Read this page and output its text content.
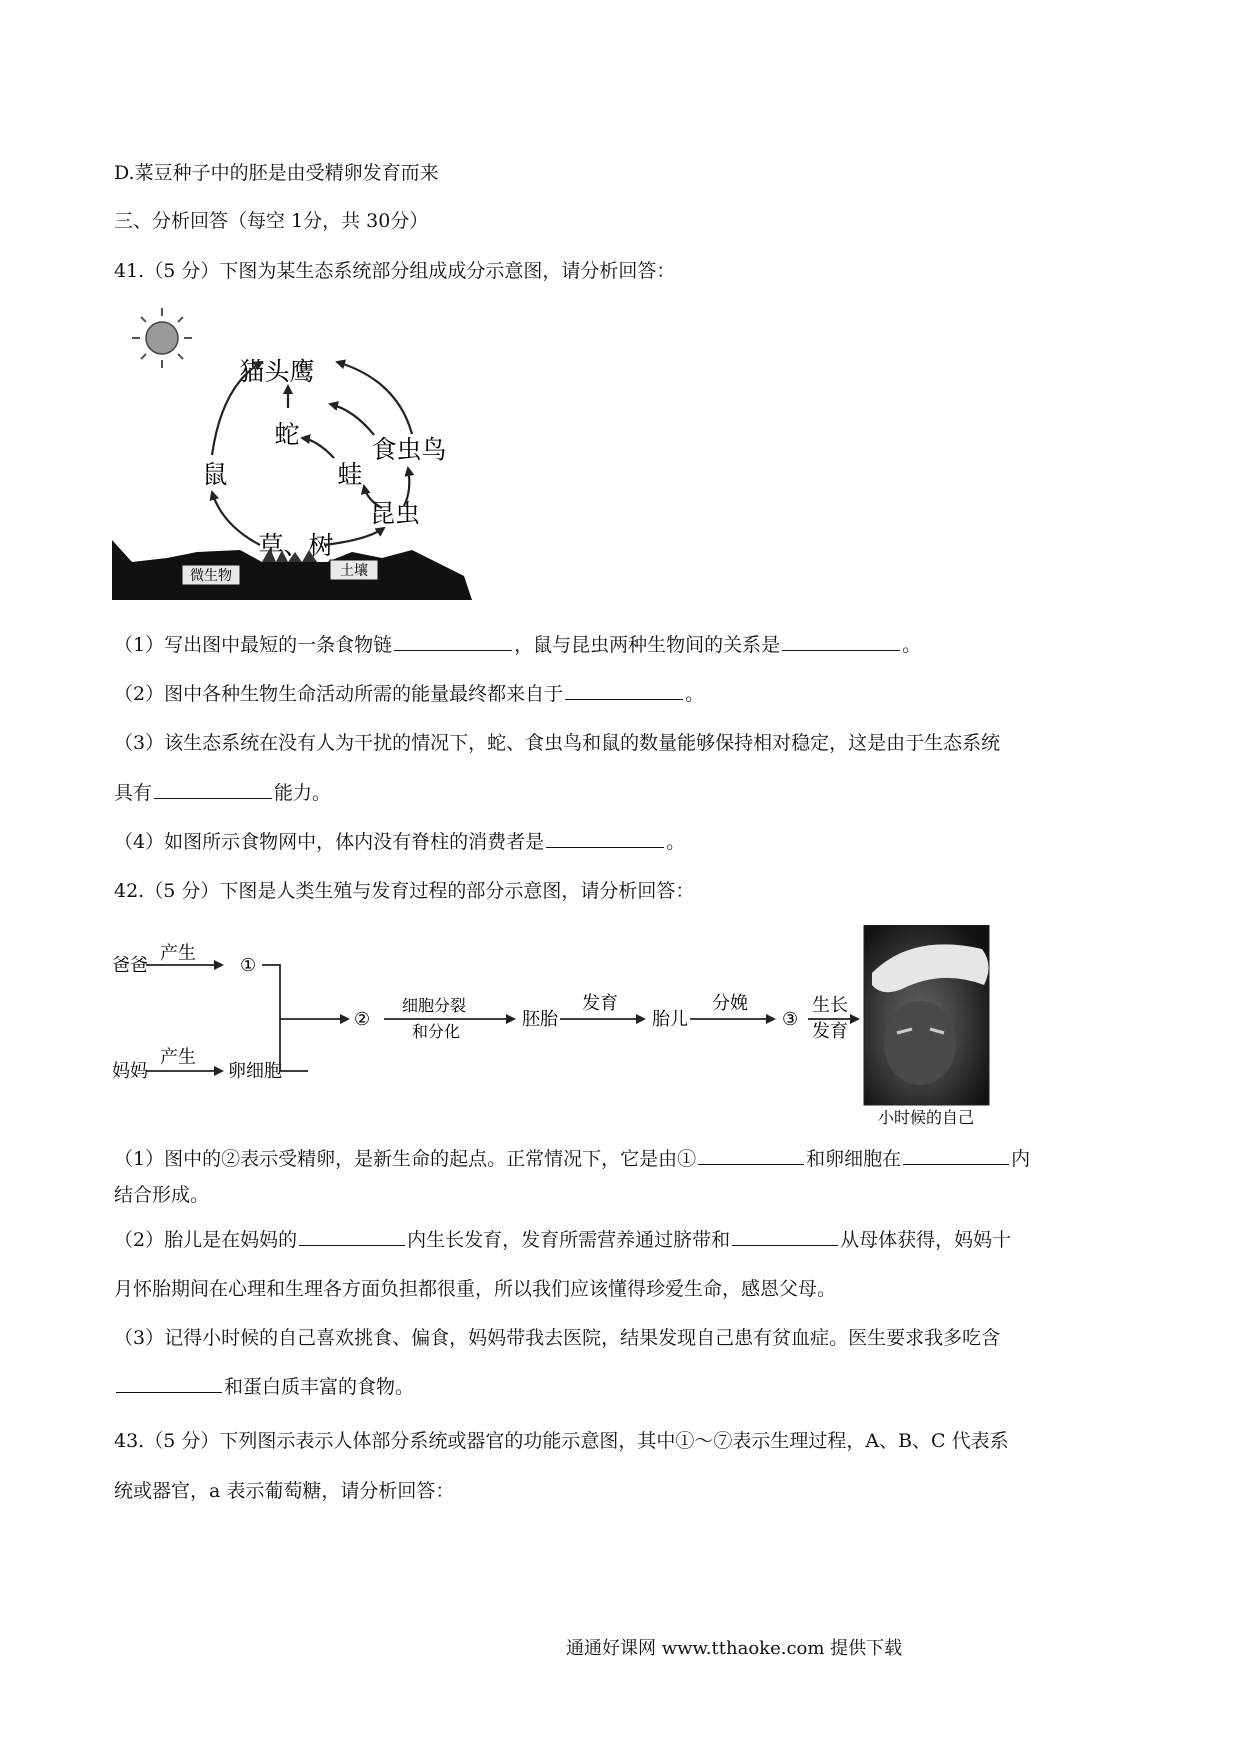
D.菜豆种子中的胚是由受精卵发育而来
三、分析回答（每空 1分，共 30分）
41.（5 分）下图为某生态系统部分组成成分示意图，请分析回答：
猫头鹰
蛇
食虫鸟
鼠	蛙
昆虫
草、树
微生物	土壤
（1）写出图中最短的一条食物链	，鼠与昆虫两种生物间的关系是	。
（2）图中各种生物生命活动所需的能量最终都来自于	。
（3）该生态系统在没有人为干扰的情况下，蛇、食虫鸟和鼠的数量能够保持相对稳定，这是由于生态系统
具有	能力。
（4）如图所示食物网中，体内没有脊柱的消费者是	。
42.（5 分）下图是人类生殖与发育过程的部分示意图，请分析回答：
爸爸
产生
①
妈妈
产生
卵细胞
②
细胞分裂
和分化
胚胎
发育
胎儿
分娩
③
生长
发育
小时候的自己
（1）图中的②表示受精卵，是新生命的起点。正常情况下，它是由①	和卵细胞在	内
结合形成。
（2）胎儿是在妈妈的	内生长发育，发育所需营养通过脐带和	从母体获得，妈妈十
月怀胎期间在心理和生理各方面负担都很重，所以我们应该懂得珍爱生命，感恩父母。
（3）记得小时候的自己喜欢挑食、偏食，妈妈带我去医院，结果发现自己患有贫血症。医生要求我多吃含
和蛋白质丰富的食物。
43.（5 分）下列图示表示人体部分系统或器官的功能示意图，其中①～⑦表示生理过程，A、B、C 代表系
统或器官，a 表示葡萄糖，请分析回答：
通通好课网 www.tthaoke.com 提供下载
